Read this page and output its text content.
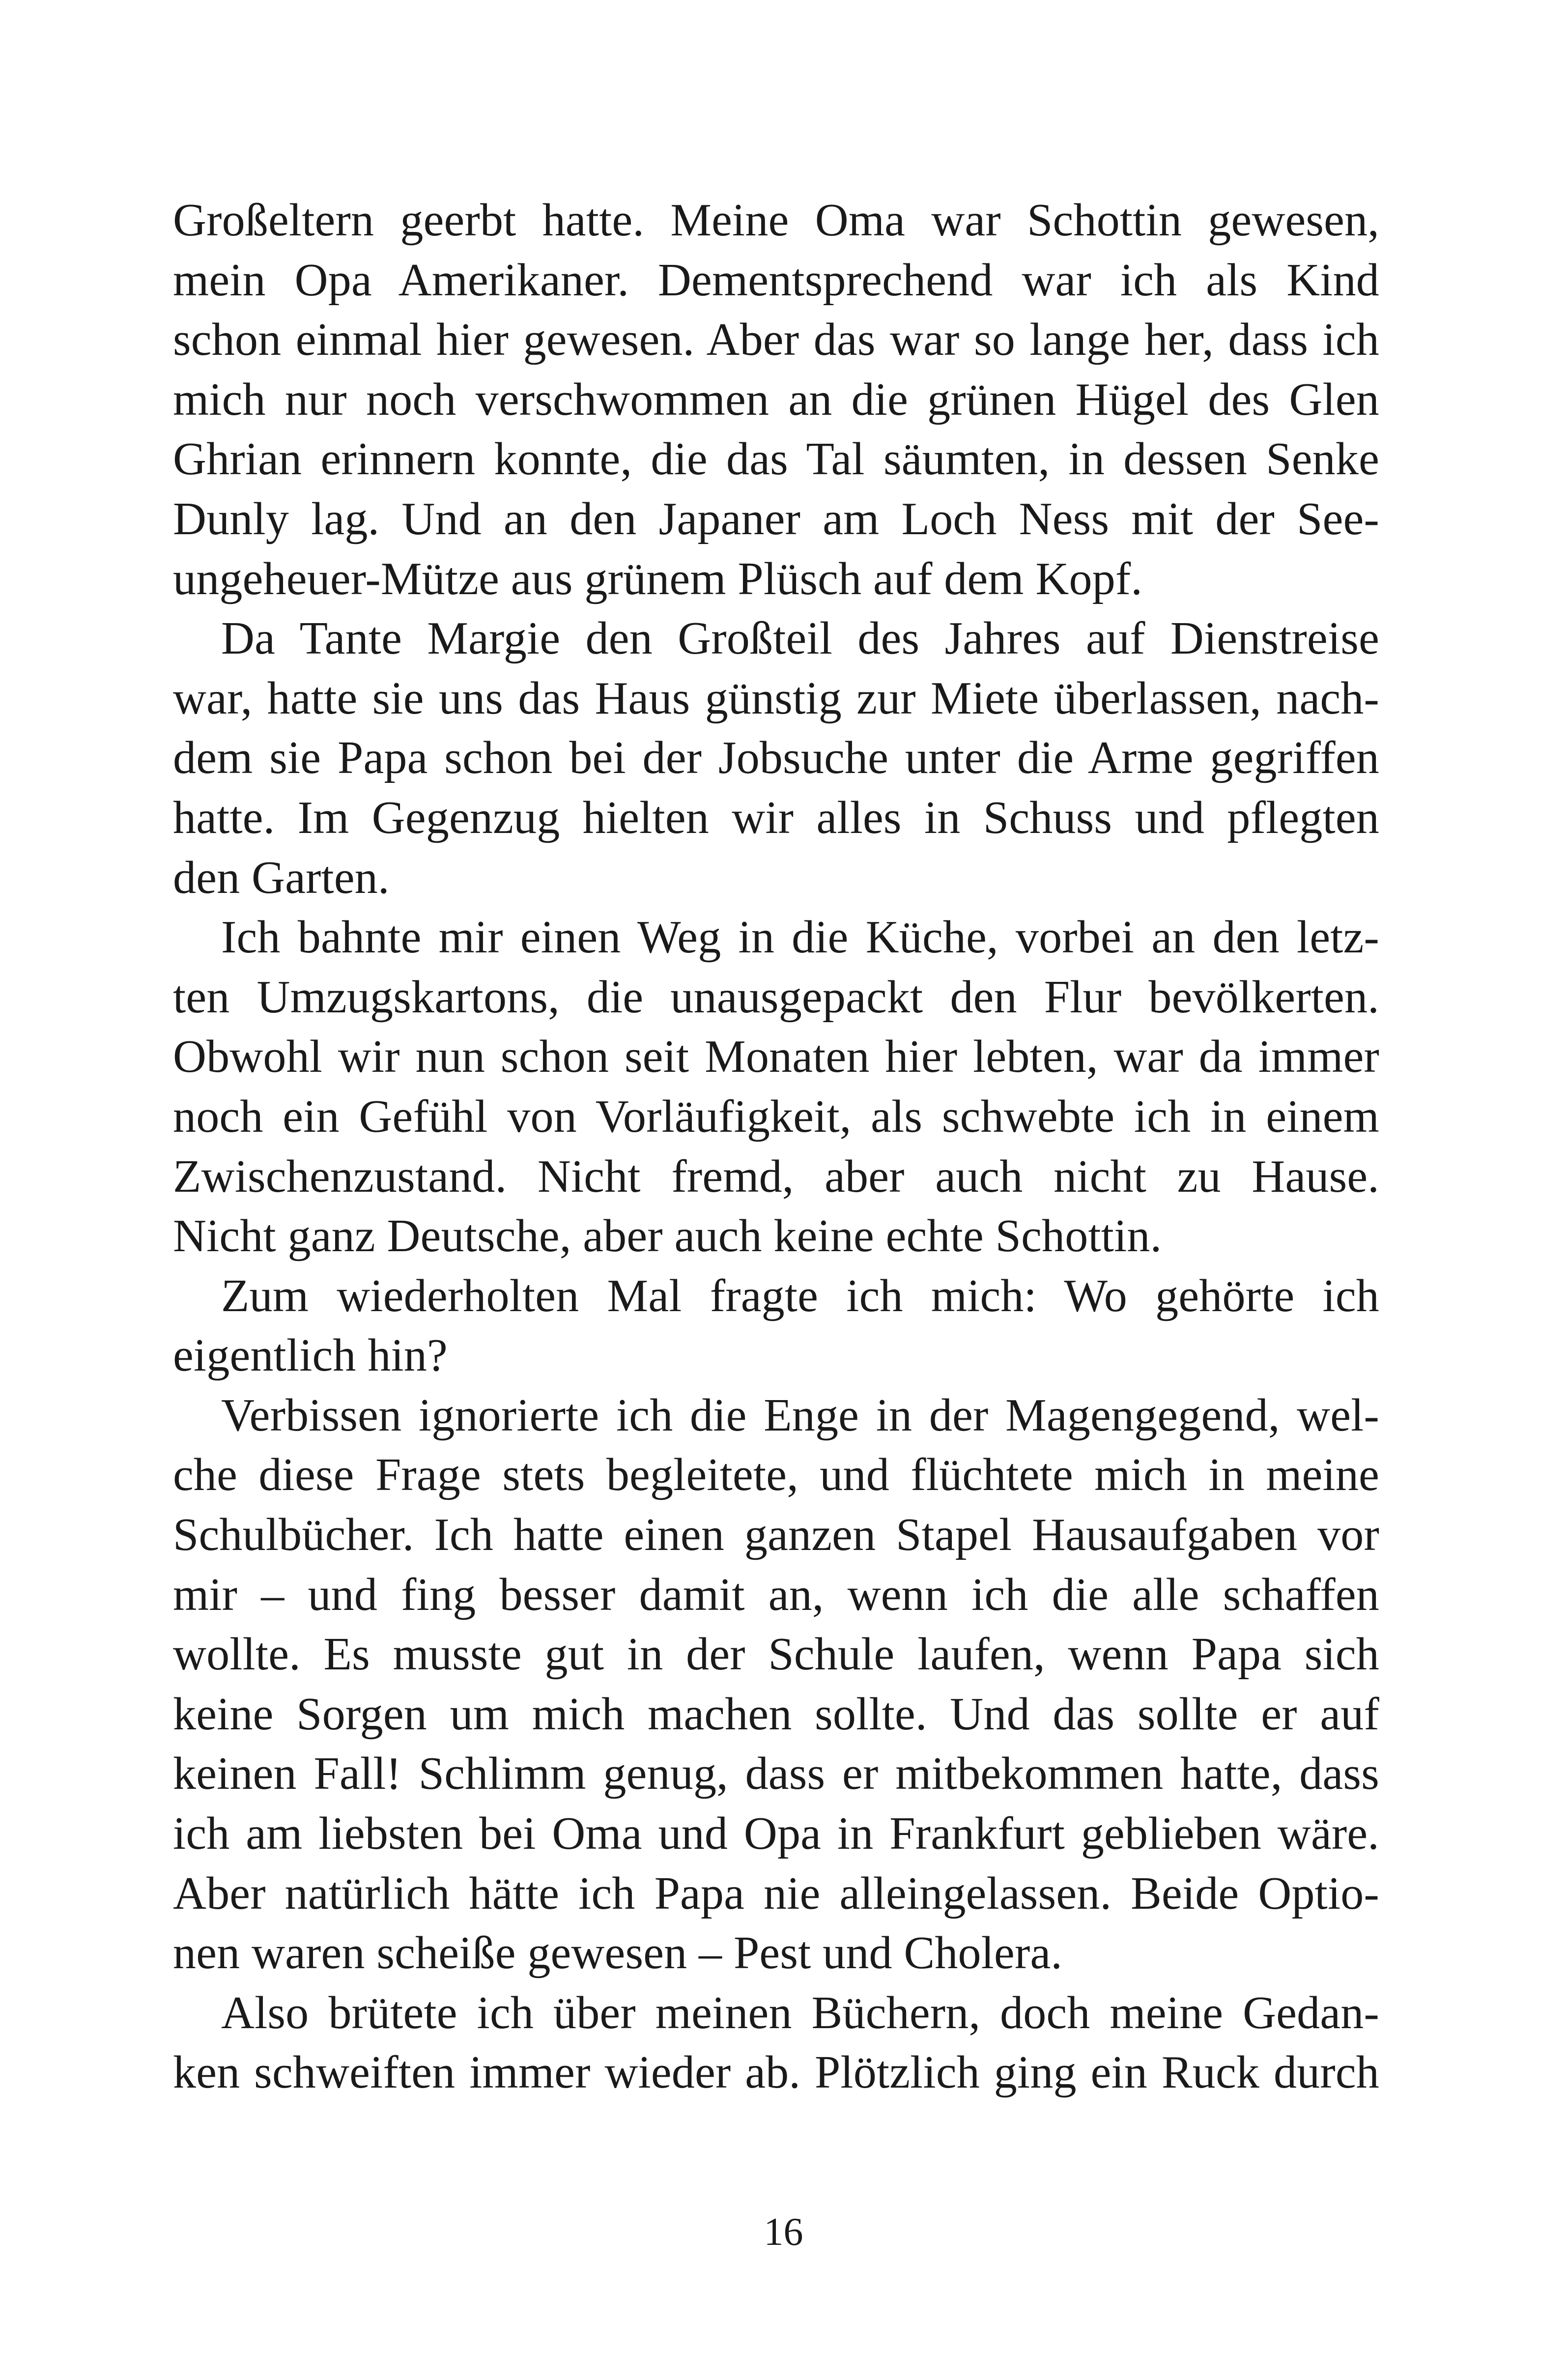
Großeltern geerbt hatte. Meine Oma war Schottin gewesen,
mein Opa Amerikaner. Dementsprechend war ich als Kind
schon einmal hier gewesen. Aber das war so lange her, dass ich
mich nur noch verschwommen an die grünen Hügel des Glen
Ghrian erinnern konnte, die das Tal säumten, in dessen Senke
Dunly lag. Und an den Japaner am Loch Ness mit der See-
ungeheuer-Mütze aus grünem Plüsch auf dem Kopf.
Da Tante Margie den Großteil des Jahres auf Dienstreise
war, hatte sie uns das Haus günstig zur Miete überlassen, nach-
dem sie Papa schon bei der Jobsuche unter die Arme gegriffen
hatte. Im Gegenzug hielten wir alles in Schuss und pflegten
den Garten.
Ich bahnte mir einen Weg in die Küche, vorbei an den letz-
ten Umzugskartons, die unausgepackt den Flur bevölkerten.
Obwohl wir nun schon seit Monaten hier lebten, war da immer
noch ein Gefühl von Vorläufigkeit, als schwebte ich in einem
Zwischenzustand. Nicht fremd, aber auch nicht zu Hause.
Nicht ganz Deutsche, aber auch keine echte Schottin.
Zum wiederholten Mal fragte ich mich: Wo gehörte ich
eigentlich hin?
Verbissen ignorierte ich die Enge in der Magengegend, wel-
che diese Frage stets begleitete, und flüchtete mich in meine
Schulbücher. Ich hatte einen ganzen Stapel Hausaufgaben vor
mir – und fing besser damit an, wenn ich die alle schaffen
wollte. Es musste gut in der Schule laufen, wenn Papa sich
keine Sorgen um mich machen sollte. Und das sollte er auf
keinen Fall! Schlimm genug, dass er mitbekommen hatte, dass
ich am liebsten bei Oma und Opa in Frankfurt geblieben wäre.
Aber natürlich hätte ich Papa nie alleingelassen. Beide Optio-
nen waren scheiße gewesen – Pest und Cholera.
Also brütete ich über meinen Büchern, doch meine Gedan-
ken schweiften immer wieder ab. Plötzlich ging ein Ruck durch
16
